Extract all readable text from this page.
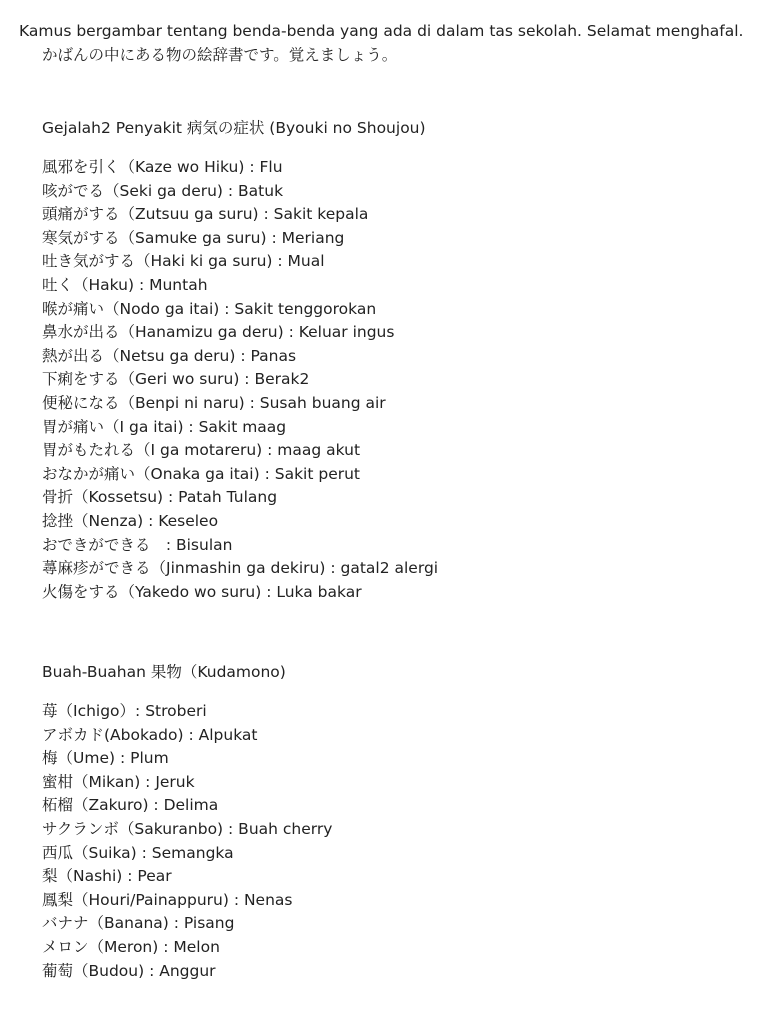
Kamus bergambar tentang benda-benda yang ada di dalam tas sekolah. Selamat menghafal.
かばんの中にある物の絵辞書です。覚えましょう。
Gejalah2 Penyakit 病気の症状 (Byouki no Shoujou)
風邪を引く（Kaze wo Hiku) : Flu
咳がでる（Seki ga deru) : Batuk
頭痛がする（Zutsuu ga suru) : Sakit kepala
寒気がする（Samuke ga suru) : Meriang
吐き気がする（Haki ki ga suru) : Mual
吐く（Haku) : Muntah
喉が痛い（Nodo ga itai) : Sakit tenggorokan
鼻水が出る（Hanamizu ga deru) : Keluar ingus
熱が出る（Netsu ga deru) : Panas
下痢をする（Geri wo suru) : Berak2
便秘になる（Benpi ni naru) : Susah buang air
胃が痛い（I ga itai) : Sakit maag
胃がもたれる（I ga motareru) : maag akut
おなかが痛い（Onaka ga itai) : Sakit perut
骨折（Kossetsu) : Patah Tulang
捻挫（Nenza) : Keseleo
おできができる　: Bisulan
蕁麻疹ができる（Jinmashin ga dekiru) : gatal2 alergi
火傷をする（Yakedo wo suru) : Luka bakar
Buah-Buahan 果物（Kudamono)
苺（Ichigo）: Stroberi
アボカド(Abokado) : Alpukat
梅（Ume) : Plum
蜜柑（Mikan) : Jeruk
柘榴（Zakuro) : Delima
サクランボ（Sakuranbo) : Buah cherry
西瓜（Suika) : Semangka
梨（Nashi) : Pear
鳳梨（Houri/Painappuru) : Nenas
バナナ（Banana) : Pisang
メロン（Meron) : Melon
葡萄（Budou) : Anggur
